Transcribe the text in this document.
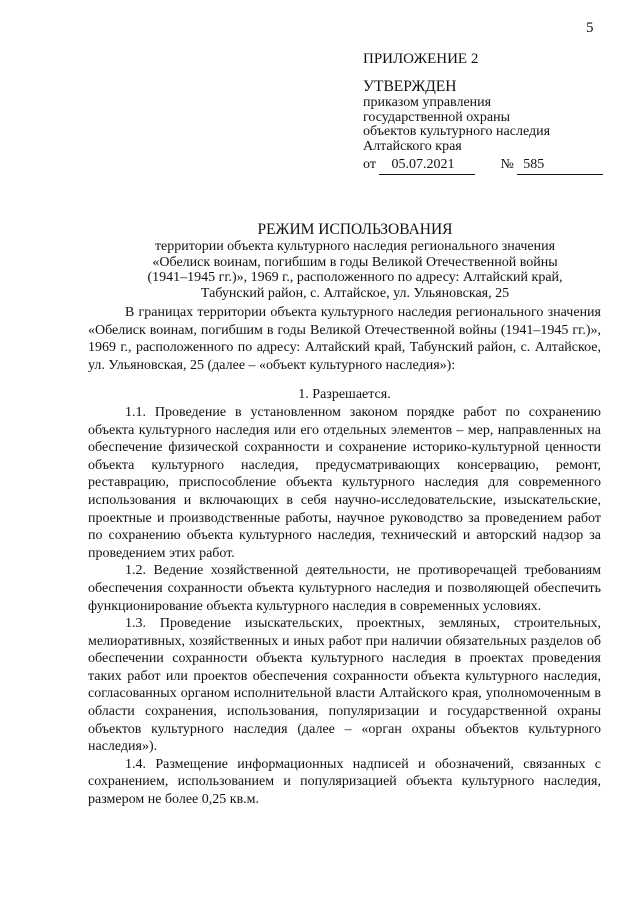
5
ПРИЛОЖЕНИЕ 2
УТВЕРЖДЕН
приказом управления
государственной охраны
объектов культурного наследия
Алтайского края
от 05.07.2021	№ 585
РЕЖИМ ИСПОЛЬЗОВАНИЯ
территории объекта культурного наследия регионального значения
«Обелиск воинам, погибшим в годы Великой Отечественной войны
(1941–1945 гг.)», 1969 г., расположенного по адресу: Алтайский край,
Табунский район, с. Алтайское, ул. Ульяновская, 25

В границах территории объекта культурного наследия регионального значения «Обелиск воинам, погибшим в годы Великой Отечественной войны (1941–1945 гг.)», 1969 г., расположенного по адресу: Алтайский край, Табунский район, с. Алтайское, ул. Ульяновская, 25 (далее – «объект культурного наследия»):

1. Разрешается.

1.1. Проведение в установленном законом порядке работ по сохранению объекта культурного наследия или его отдельных элементов – мер, направленных на обеспечение физической сохранности и сохранение историко-культурной ценности объекта культурного наследия, предусматривающих консервацию, ремонт, реставрацию, приспособление объекта культурного наследия для современного использования и включающих в себя научно-исследовательские, изыскательские, проектные и производственные работы, научное руководство за проведением работ по сохранению объекта культурного наследия, технический и авторский надзор за проведением этих работ.

1.2. Ведение хозяйственной деятельности, не противоречащей требованиям обеспечения сохранности объекта культурного наследия и позволяющей обеспечить функционирование объекта культурного наследия в современных условиях.

1.3. Проведение изыскательских, проектных, земляных, строительных, мелиоративных, хозяйственных и иных работ при наличии обязательных разделов об обеспечении сохранности объекта культурного наследия в проектах проведения таких работ или проектов обеспечения сохранности объекта культурного наследия, согласованных органом исполнительной власти Алтайского края, уполномоченным в области сохранения, использования, популяризации и государственной охраны объектов культурного наследия (далее – «орган охраны объектов культурного наследия»).

1.4. Размещение информационных надписей и обозначений, связанных с сохранением, использованием и популяризацией объекта культурного наследия, размером не более 0,25 кв.м.
